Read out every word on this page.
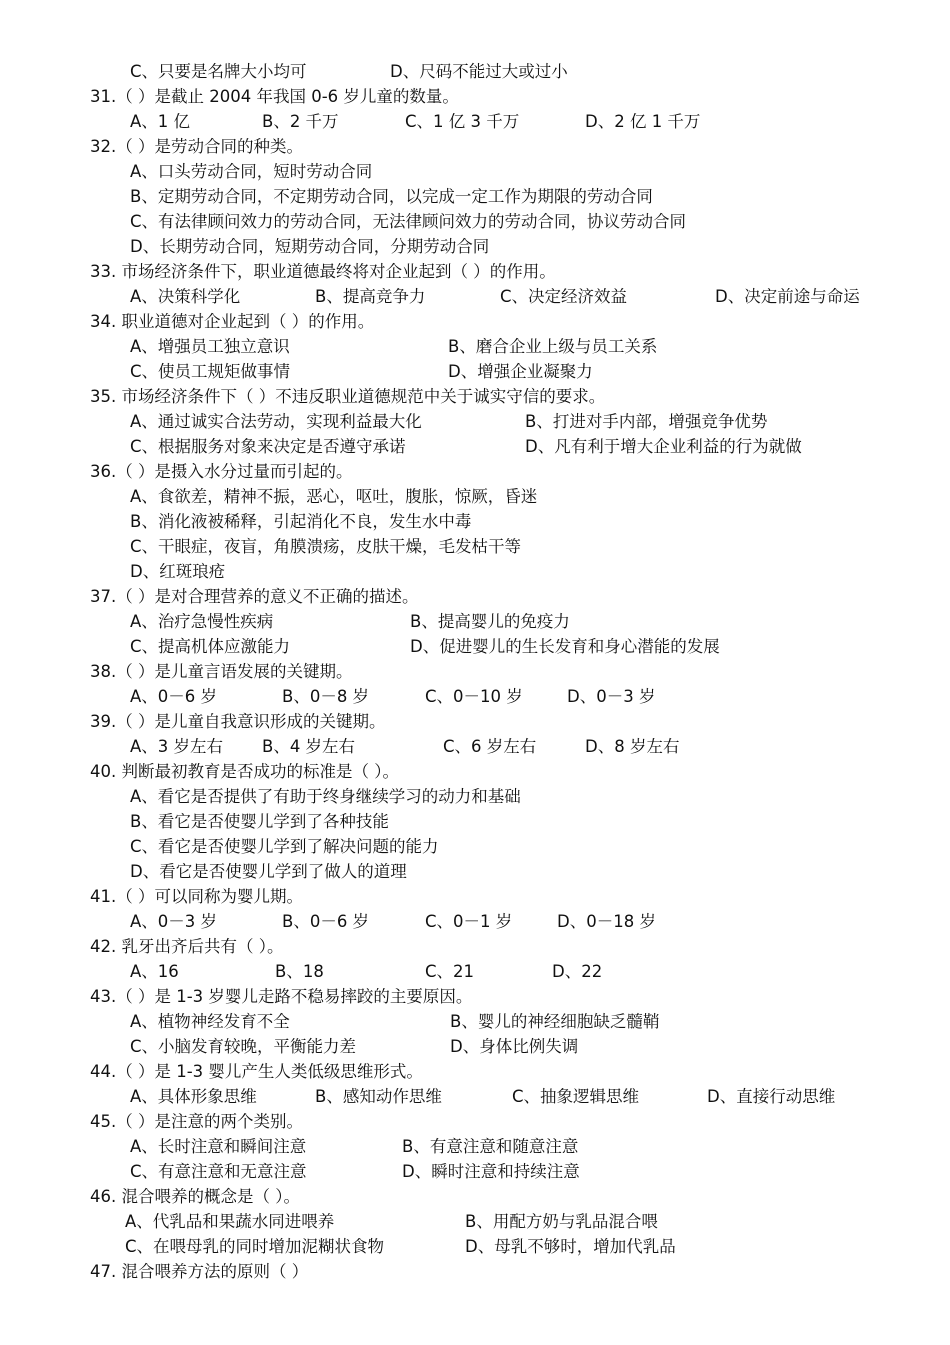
C、只要是名牌大小均可	D、尺码不能过大或过小
31.（ ）是截止 2004 年我国 0-6 岁儿童的数量。
A、1 亿	B、2 千万	C、1 亿 3 千万	D、2 亿 1 千万
32.（ ）是劳动合同的种类。
A、口头劳动合同，短时劳动合同
B、定期劳动合同，不定期劳动合同，以完成一定工作为期限的劳动合同
C、有法律顾问效力的劳动合同，无法律顾问效力的劳动合同，协议劳动合同
D、长期劳动合同，短期劳动合同，分期劳动合同
33. 市场经济条件下，职业道德最终将对企业起到（ ）的作用。
A、决策科学化	B、提高竞争力	C、决定经济效益	D、决定前途与命运
34. 职业道德对企业起到（ ）的作用。
A、增强员工独立意识	B、磨合企业上级与员工关系
C、使员工规矩做事情	D、增强企业凝聚力
35. 市场经济条件下（ ）不违反职业道德规范中关于诚实守信的要求。
A、通过诚实合法劳动，实现利益最大化	B、打进对手内部，增强竞争优势
C、根据服务对象来决定是否遵守承诺	D、凡有利于增大企业利益的行为就做
36.（ ）是摄入水分过量而引起的。
A、食欲差，精神不振，恶心，呕吐，腹胀，惊厥，昏迷
B、消化液被稀释，引起消化不良，发生水中毒
C、干眼症，夜盲，角膜溃疡，皮肤干燥，毛发枯干等
D、红斑琅疮
37.（ ）是对合理营养的意义不正确的描述。
A、治疗急慢性疾病	B、提高婴儿的免疫力
C、提高机体应激能力	D、促进婴儿的生长发育和身心潜能的发展
38.（ ）是儿童言语发展的关键期。
A、0－6 岁	B、0－8 岁	C、0－10 岁	D、0－3 岁
39.（ ）是儿童自我意识形成的关键期。
A、3 岁左右 B、4 岁左右	C、6 岁左右	D、8 岁左右
40. 判断最初教育是否成功的标准是（ ）。
A、看它是否提供了有助于终身继续学习的动力和基础
B、看它是否使婴儿学到了各种技能
C、看它是否使婴儿学到了解决问题的能力
D、看它是否使婴儿学到了做人的道理
41.（ ）可以同称为婴儿期。
A、0－3 岁	B、0－6 岁	C、0－1 岁	D、0－18 岁
42. 乳牙出齐后共有（ ）。
A、16	B、18	C、21	D、22
43.（ ）是 1-3 岁婴儿走路不稳易摔跤的主要原因。
A、植物神经发育不全	B、婴儿的神经细胞缺乏髓鞘
C、小脑发育较晚，平衡能力差	D、身体比例失调
44.（ ）是 1-3 婴儿产生人类低级思维形式。
A、具体形象思维	B、感知动作思维	C、抽象逻辑思维	D、直接行动思维
45.（ ）是注意的两个类别。
A、长时注意和瞬间注意	B、有意注意和随意注意
C、有意注意和无意注意	D、瞬时注意和持续注意
46. 混合喂养的概念是（ ）。
A、代乳品和果蔬水同进喂养	B、用配方奶与乳品混合喂
C、在喂母乳的同时增加泥糊状食物	D、母乳不够时，增加代乳品
47. 混合喂养方法的原则（ ）
